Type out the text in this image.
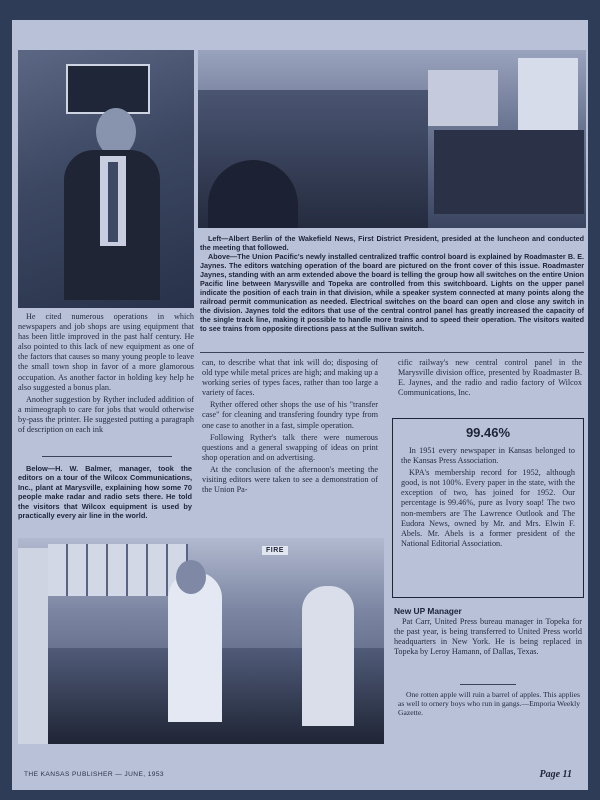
Left—Albert Berlin of the Wakefield News, First District President, presided at the luncheon and conducted the meeting that followed.

Above—The Union Pacific's newly installed centralized traffic control board is explained by Roadmaster B. E. Jaynes. The editors watching operation of the board are pictured on the front cover of this issue. Roadmaster Jaynes, standing with an arm extended above the board is telling the group how all switches on the entire Union Pacific line between Marysville and Topeka are controlled from this switchboard. Lights on the upper panel indicate the position of each train in that division, while a speaker system connected at many points along the railroad permit communication as needed. Electrical switches on the board can open and close any switch in the division. Jaynes told the editors that use of the central control panel has greatly increased the capacity of the single track line, making it possible to handle more trains and to speed their operation. The visitors waited to see trains from opposite directions pass at the Sullivan switch.

He cited numerous operations in which newspapers and job shops are using equipment that has been little improved in the past half century. He also pointed to this lack of new equipment as one of the factors that causes so many young people to leave the small town shop in favor of a more glamorous occupation. As another factor in holding key help he also suggested a bonus plan.

Another suggestion by Ryther included addition of a mimeograph to care for jobs that would otherwise by-pass the printer. He suggested putting a paragraph of description on each ink

Below—H. W. Balmer, manager, took the editors on a tour of the Wilcox Communications, Inc., plant at Marysville, explaining how some 70 people make radar and radio sets there. He told the visitors that Wilcox equipment is used by practically every air line in the world.

can, to describe what that ink will do; disposing of old type while metal prices are high; and making up a working series of types faces, rather than too large a variety of faces.

Ryther offered other shops the use of his "transfer case" for cleaning and transfering foundry type from one case to another in a fast, simple operation.

Following Ryther's talk there were numerous questions and a general swapping of ideas on print shop operation and on advertising.

At the conclusion of the afternoon's meeting the visiting editors were taken to see a demonstration of the Union Pa-

cific railway's new central control panel in the Marysville division office, presented by Roadmaster B. E. Jaynes, and the radio and radio factory of Wilcox Communications, Inc.

99.46%

In 1951 every newspaper in Kansas belonged to the Kansas Press Association.

KPA's membership record for 1952, although good, is not 100%. Every paper in the state, with the exception of two, has joined for 1952. Our percentage is 99.46%, pure as Ivory soap! The two non-members are The Lawrence Outlook and The Eudora News, owned by Mr. and Mrs. Elwin F. Abels. Mr. Abels is a former president of the National Editorial Association.

New UP Manager

Pat Carr, United Press bureau manager in Topeka for the past year, is being transferred to United Press world headquarters in New York. He is being replaced in Topeka by Leroy Hamann, of Dallas, Texas.

One rotten apple will ruin a barrel of apples. This applies as well to ornery boys who run in gangs.—Emporia Weekly Gazette.

FIRE
THE KANSAS PUBLISHER — JUNE, 1953	Page 11
